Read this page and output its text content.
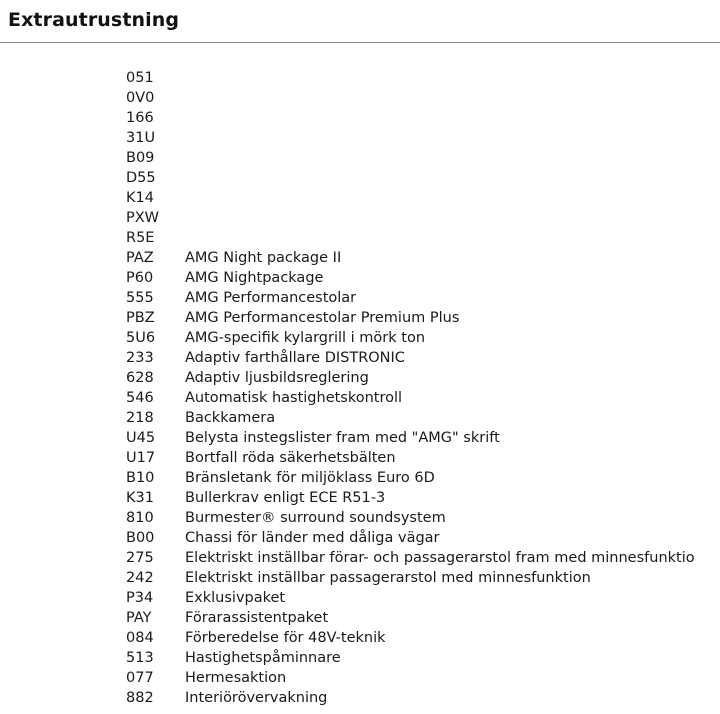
Extrautrustning
051
0V0
166
31U
B09
D55
K14
PXW
R5E
PAZ AMG Night package II
P60 AMG Nightpackage
555 AMG Performancestolar
PBZ AMG Performancestolar Premium Plus
5U6 AMG-specifik kylargrill i mörk ton
233 Adaptiv farthållare DISTRONIC
628 Adaptiv ljusbildsreglering
546 Automatisk hastighetskontroll
218 Backkamera
U45 Belysta instegslister fram med "AMG" skrift
U17 Bortfall röda säkerhetsbälten
B10 Bränsletank för miljöklass Euro 6D
K31 Bullerkrav enligt ECE R51-3
810 Burmester® surround soundsystem
B00 Chassi för länder med dåliga vägar
275 Elektriskt inställbar förar- och passagerarstol fram med minnesfunktio
242 Elektriskt inställbar passagerarstol med minnesfunktion
P34 Exklusivpaket
PAY Förarassistentpaket
084 Förberedelse för 48V-teknik
513 Hastighetspåminnare
077 Hermesaktion
882 Interiörövervakning
